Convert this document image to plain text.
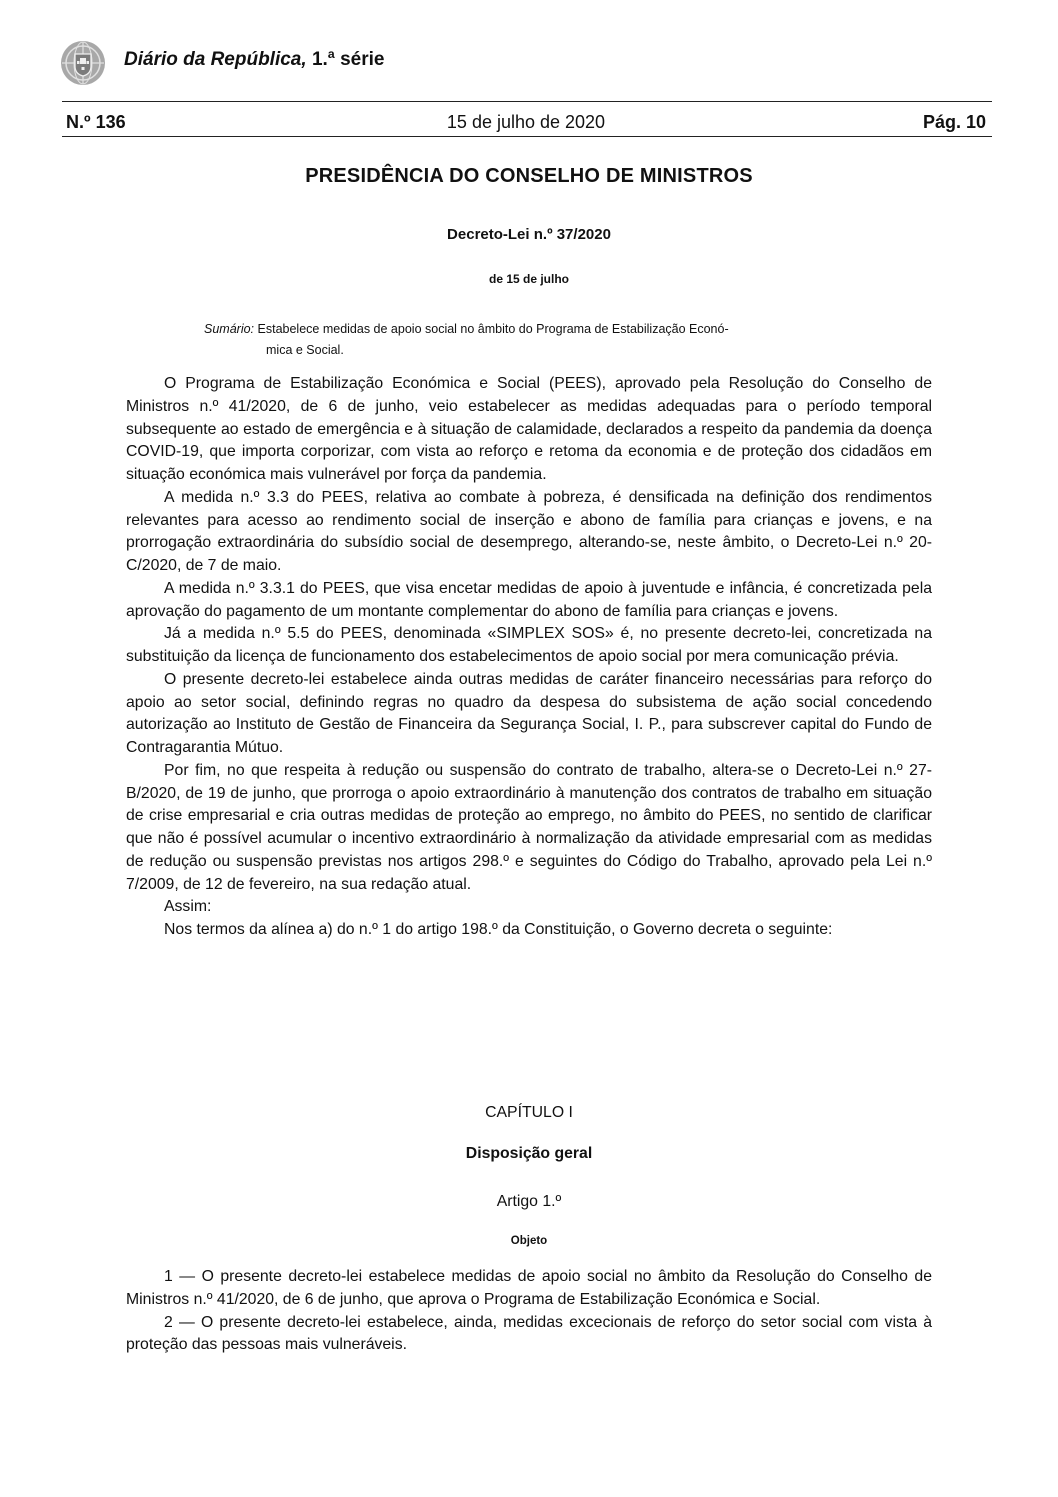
Diário da República, 1.ª série
N.º 136	15 de julho de 2020	Pág. 10
PRESIDÊNCIA DO CONSELHO DE MINISTROS
Decreto-Lei n.º 37/2020
de 15 de julho
Sumário: Estabelece medidas de apoio social no âmbito do Programa de Estabilização Econó-
mica e Social.

O Programa de Estabilização Económica e Social (PEES), aprovado pela Resolução do Conselho de Ministros n.º 41/2020, de 6 de junho, veio estabelecer as medidas adequadas para o período temporal subsequente ao estado de emergência e à situação de calamidade, declarados a respeito da pandemia da doença COVID-19, que importa corporizar, com vista ao reforço e retoma da economia e de proteção dos cidadãos em situação económica mais vulnerável por força da pandemia.

A medida n.º 3.3 do PEES, relativa ao combate à pobreza, é densificada na definição dos rendimentos relevantes para acesso ao rendimento social de inserção e abono de família para crianças e jovens, e na prorrogação extraordinária do subsídio social de desemprego, alterando-se, neste âmbito, o Decreto-Lei n.º 20-C/2020, de 7 de maio.

A medida n.º 3.3.1 do PEES, que visa encetar medidas de apoio à juventude e infância, é concretizada pela aprovação do pagamento de um montante complementar do abono de família para crianças e jovens.

Já a medida n.º 5.5 do PEES, denominada «SIMPLEX SOS» é, no presente decreto-lei, concretizada na substituição da licença de funcionamento dos estabelecimentos de apoio social por mera comunicação prévia.

O presente decreto-lei estabelece ainda outras medidas de caráter financeiro necessárias para reforço do apoio ao setor social, definindo regras no quadro da despesa do subsistema de ação social concedendo autorização ao Instituto de Gestão de Financeira da Segurança Social, I. P., para subscrever capital do Fundo de Contragarantia Mútuo.

Por fim, no que respeita à redução ou suspensão do contrato de trabalho, altera-se o Decreto-Lei n.º 27-B/2020, de 19 de junho, que prorroga o apoio extraordinário à manutenção dos contratos de trabalho em situação de crise empresarial e cria outras medidas de proteção ao emprego, no âmbito do PEES, no sentido de clarificar que não é possível acumular o incentivo extraordinário à normalização da atividade empresarial com as medidas de redução ou suspensão previstas nos artigos 298.º e seguintes do Código do Trabalho, aprovado pela Lei n.º 7/2009, de 12 de fevereiro, na sua redação atual.

Assim:

Nos termos da alínea a) do n.º 1 do artigo 198.º da Constituição, o Governo decreta o seguinte:

CAPÍTULO I
Disposição geral
Artigo 1.º
Objeto

1 — O presente decreto-lei estabelece medidas de apoio social no âmbito da Resolução do Conselho de Ministros n.º 41/2020, de 6 de junho, que aprova o Programa de Estabilização Económica e Social.

2 — O presente decreto-lei estabelece, ainda, medidas excecionais de reforço do setor social com vista à proteção das pessoas mais vulneráveis.
